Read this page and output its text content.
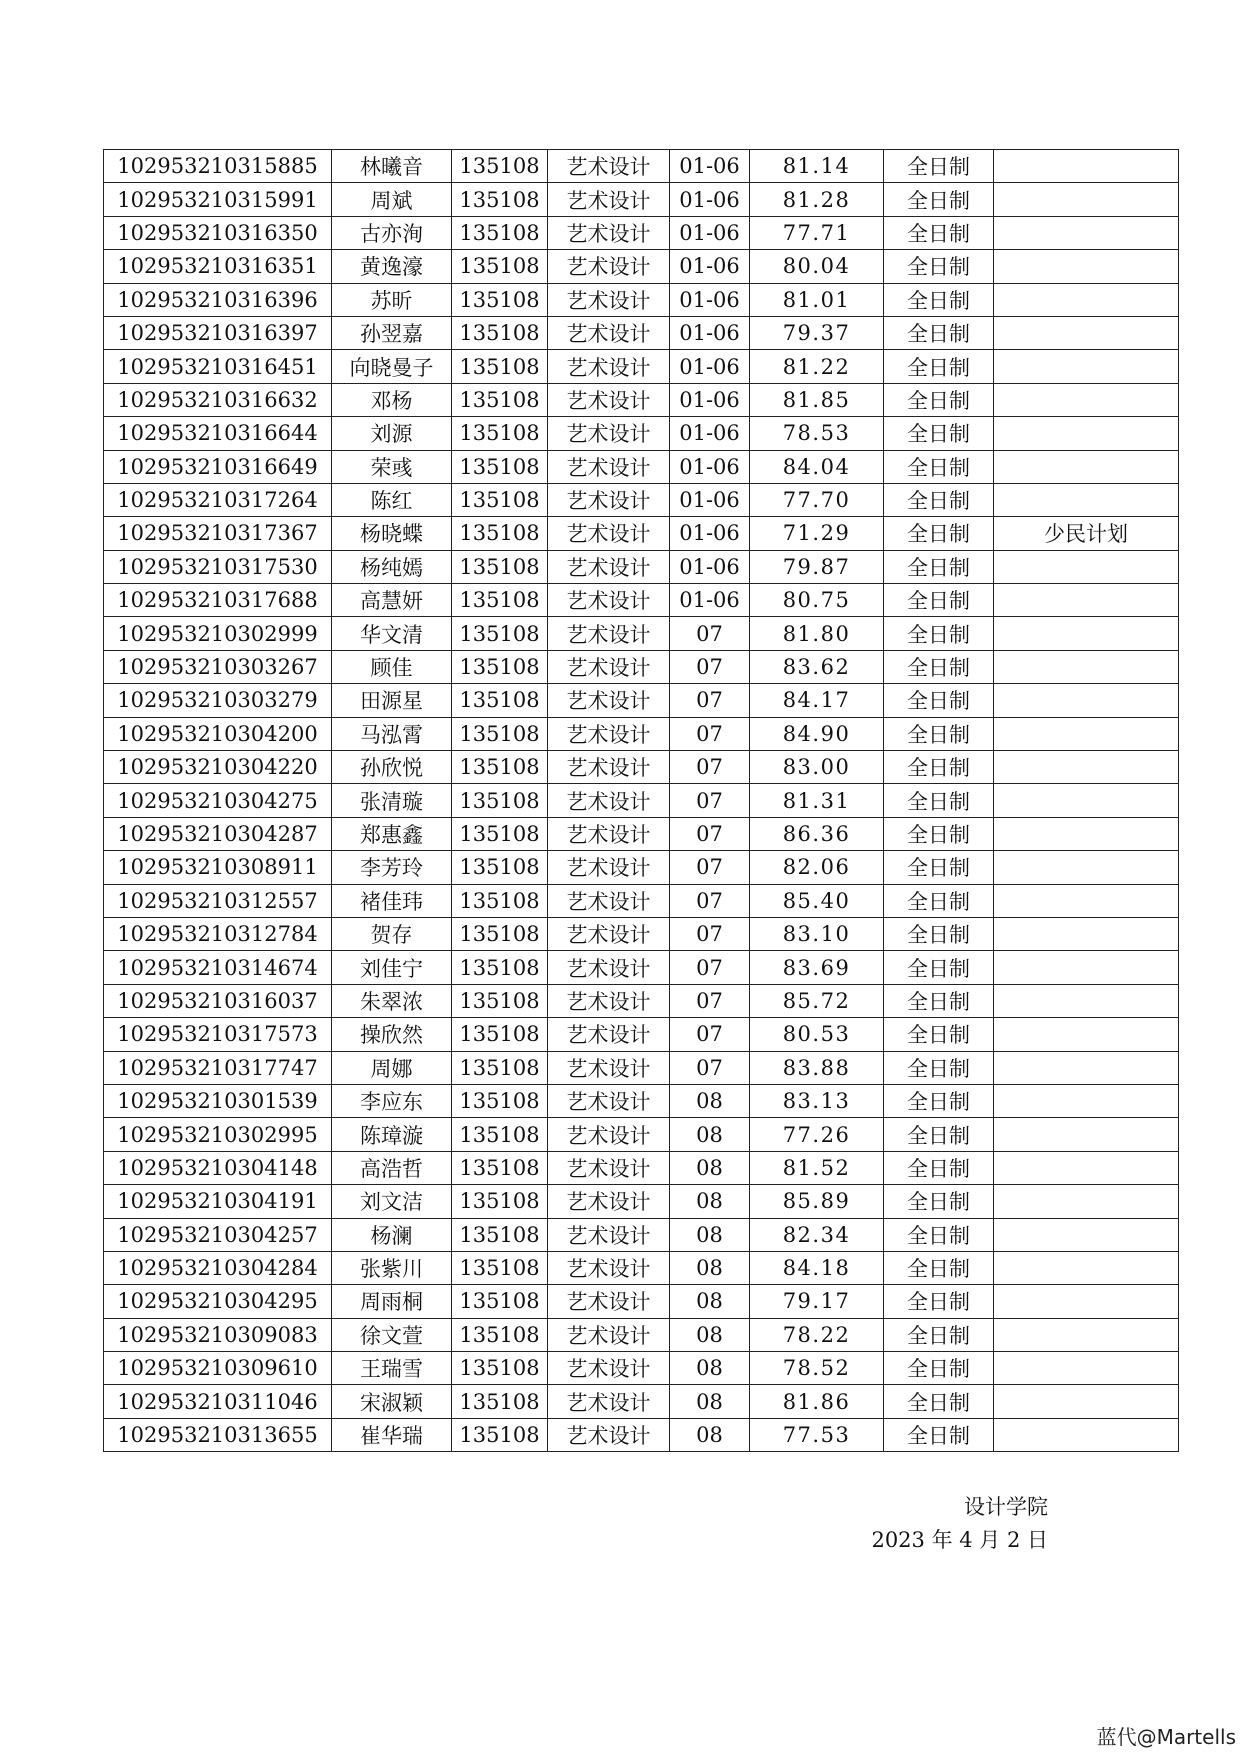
102953210315885	林曦音	135108	艺术设计	01-06	81.14	全日制	
102953210315991	周斌	135108	艺术设计	01-06	81.28	全日制	
102953210316350	古亦洵	135108	艺术设计	01-06	77.71	全日制	
102953210316351	黄逸濠	135108	艺术设计	01-06	80.04	全日制	
102953210316396	苏昕	135108	艺术设计	01-06	81.01	全日制	
102953210316397	孙翌嘉	135108	艺术设计	01-06	79.37	全日制	
102953210316451	向晓曼子	135108	艺术设计	01-06	81.22	全日制	
102953210316632	邓杨	135108	艺术设计	01-06	81.85	全日制	
102953210316644	刘源	135108	艺术设计	01-06	78.53	全日制	
102953210316649	荣彧	135108	艺术设计	01-06	84.04	全日制	
102953210317264	陈红	135108	艺术设计	01-06	77.70	全日制	
102953210317367	杨晓蝶	135108	艺术设计	01-06	71.29	全日制	少民计划
102953210317530	杨纯嫣	135108	艺术设计	01-06	79.87	全日制	
102953210317688	高慧妍	135108	艺术设计	01-06	80.75	全日制	
102953210302999	华文清	135108	艺术设计	07	81.80	全日制	
102953210303267	顾佳	135108	艺术设计	07	83.62	全日制	
102953210303279	田源星	135108	艺术设计	07	84.17	全日制	
102953210304200	马泓霄	135108	艺术设计	07	84.90	全日制	
102953210304220	孙欣悦	135108	艺术设计	07	83.00	全日制	
102953210304275	张清璇	135108	艺术设计	07	81.31	全日制	
102953210304287	郑惠鑫	135108	艺术设计	07	86.36	全日制	
102953210308911	李芳玲	135108	艺术设计	07	82.06	全日制	
102953210312557	褚佳玮	135108	艺术设计	07	85.40	全日制	
102953210312784	贺存	135108	艺术设计	07	83.10	全日制	
102953210314674	刘佳宁	135108	艺术设计	07	83.69	全日制	
102953210316037	朱翠浓	135108	艺术设计	07	85.72	全日制	
102953210317573	操欣然	135108	艺术设计	07	80.53	全日制	
102953210317747	周娜	135108	艺术设计	07	83.88	全日制	
102953210301539	李应东	135108	艺术设计	08	83.13	全日制	
102953210302995	陈璋漩	135108	艺术设计	08	77.26	全日制	
102953210304148	高浩哲	135108	艺术设计	08	81.52	全日制	
102953210304191	刘文洁	135108	艺术设计	08	85.89	全日制	
102953210304257	杨澜	135108	艺术设计	08	82.34	全日制	
102953210304284	张紫川	135108	艺术设计	08	84.18	全日制	
102953210304295	周雨桐	135108	艺术设计	08	79.17	全日制	
102953210309083	徐文萱	135108	艺术设计	08	78.22	全日制	
102953210309610	王瑞雪	135108	艺术设计	08	78.52	全日制	
102953210311046	宋淑颖	135108	艺术设计	08	81.86	全日制	
102953210313655	崔华瑞	135108	艺术设计	08	77.53	全日制	
设计学院
2023 年 4 月 2 日
蓝代@Martells
